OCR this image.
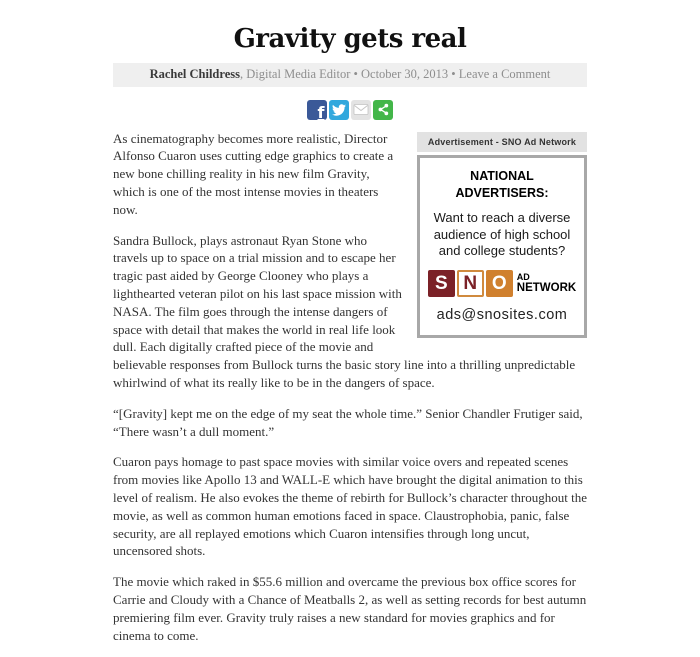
Gravity gets real
Rachel Childress, Digital Media Editor • October 30, 2013 • Leave a Comment
f
Advertisement - SNO Ad Network
NATIONAL ADVERTISERS:
Want to reach a diverse audience of high school and college students?
S N O	AD
NETWORK
ads@snosites.com

As cinematography becomes more realistic, Director Alfonso Cuaron uses cutting edge graphics to create a new bone chilling reality in his new film Gravity, which is one of the most intense movies in theaters now.

Sandra Bullock, plays astronaut Ryan Stone who travels up to space on a trial mission and to escape her tragic past aided by George Clooney who plays a lighthearted veteran pilot on his last space mission with NASA. The film goes through the intense dangers of space with detail that makes the world in real life look dull. Each digitally crafted piece of the movie and believable responses from Bullock turns the basic story line into a thrilling unpredictable whirlwind of what its really like to be in the dangers of space.

“[Gravity] kept me on the edge of my seat the whole time.” Senior Chandler Frutiger said, “There wasn’t a dull moment.”

Cuaron pays homage to past space movies with similar voice overs and repeated scenes from movies like Apollo 13 and WALL-E which have brought the digital animation to this level of realism. He also evokes the theme of rebirth for Bullock’s character throughout the movie, as well as common human emotions faced in space. Claustrophobia, panic, false security, are all replayed emotions which Cuaron intensifies through long uncut, uncensored shots.

The movie which raked in $55.6 million and overcame the previous box office scores for Carrie and Cloudy with a Chance of Meatballs 2, as well as setting records for best autumn premiering film ever. Gravity truly raises a new standard for movies graphics and for cinema to come.
